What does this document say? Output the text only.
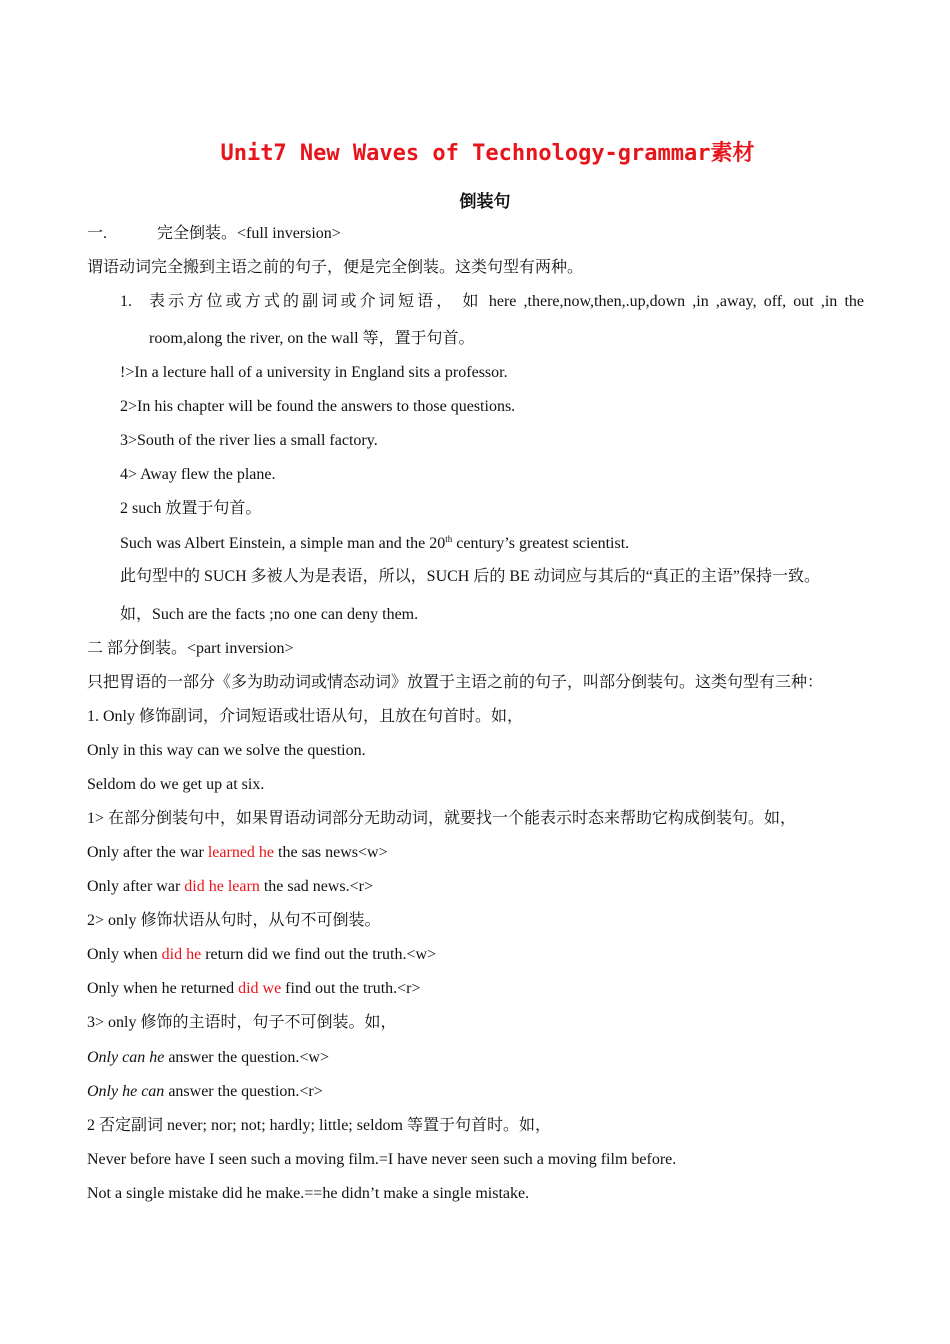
Unit7 New Waves of Technology-grammar素材
倒装句
一.	完全倒装。<full inversion>
谓语动词完全搬到主语之前的句子，便是完全倒装。这类句型有两种。
1. 表示方位或方式的副词或介词短语， 如 here ,there,now,then,.up,down ,in ,away, off, out ,in the
room,along the river, on the wall 等，置于句首。
!>In a lecture hall of a university in England sits a professor.
2>In his chapter will be found the answers to those questions.
3>South of the river lies a small factory.
4> Away flew the plane.
2 such 放置于句首。
Such was Albert Einstein, a simple man and the 20th century’s greatest scientist.
此句型中的 SUCH 多被人为是表语，所以，SUCH 后的 BE 动词应与其后的“真正的主语”保持一致。
如，Such are the facts ;no one can deny them.
二 部分倒装。<part inversion>
只把胃语的一部分《多为助动词或情态动词》放置于主语之前的句子，叫部分倒装句。这类句型有三种：
1. Only 修饰副词，介词短语或壮语从句，且放在句首时。如，
Only in this way can we solve the question.
Seldom do we get up at six.
1> 在部分倒装句中，如果胃语动词部分无助动词，就要找一个能表示时态来帮助它构成倒装句。如，
Only after the war learned he the sas news<w>
Only after war did he learn the sad news.<r>
2> only 修饰状语从句时，从句不可倒装。
Only when did he return did we find out the truth.<w>
Only when he returned did we find out the truth.<r>
3> only 修饰的主语时，句子不可倒装。如，
Only can he answer the question.<w>
Only he can answer the question.<r>
2 否定副词 never; nor; not; hardly; little; seldom 等置于句首时。如，
Never before have I seen such a moving film.=I have never seen such a moving film before.
Not a single mistake did he make.==he didn’t make a single mistake.
